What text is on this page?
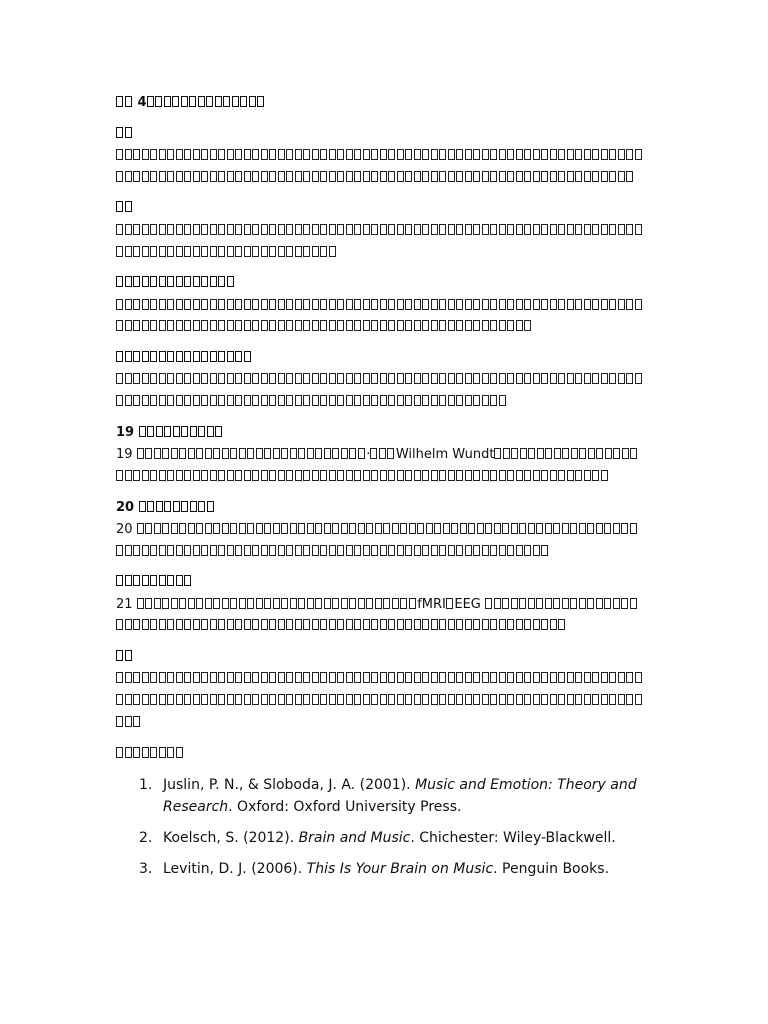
4

19

19	· Wilhelm Wundt

20

20

21	fMRI EEG

1. Juslin, P. N., & Sloboda, J. A. (2001). Music and Emotion: Theory and Research. Oxford: Oxford University Press.
2. Koelsch, S. (2012). Brain and Music. Chichester: Wiley-Blackwell.
3. Levitin, D. J. (2006). This Is Your Brain on Music. Penguin Books.
